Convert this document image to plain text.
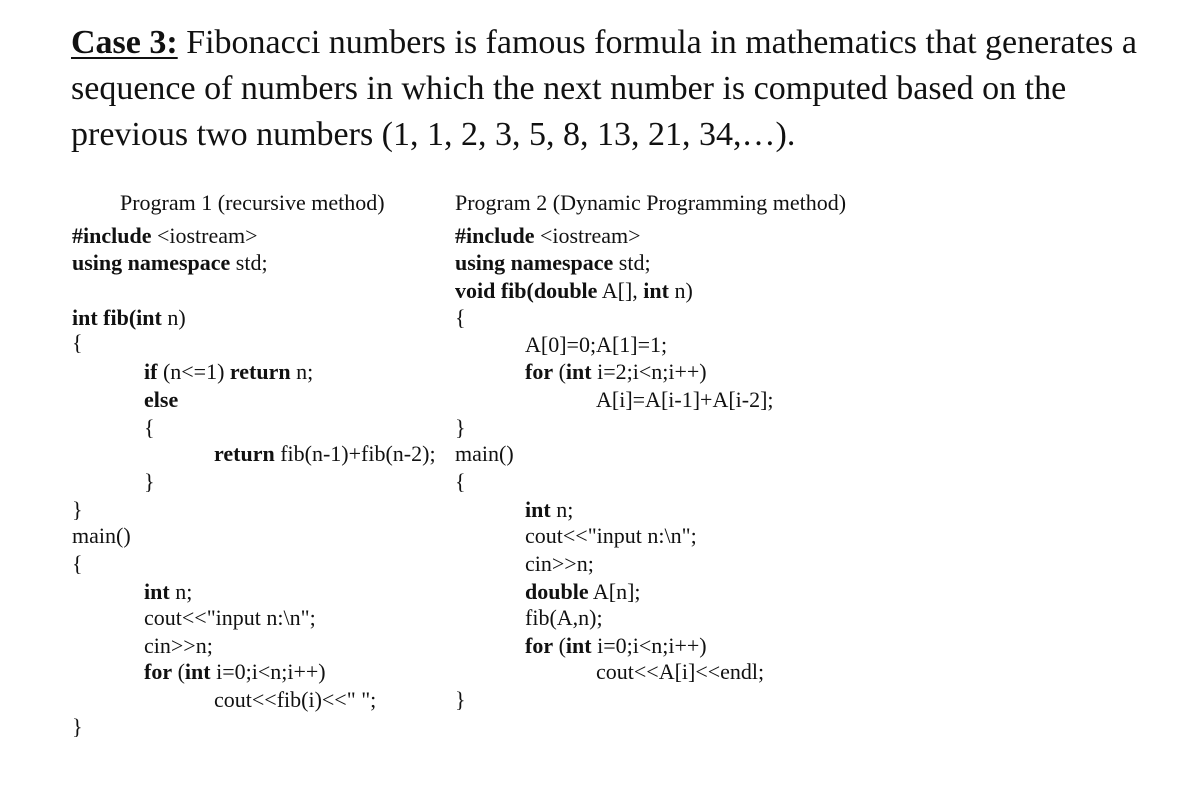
Case 3: Fibonacci numbers is famous formula in mathematics that generates a sequence of numbers in which the next number is computed based on the previous two numbers (1, 1, 2, 3, 5, 8, 13, 21, 34,…).
Program 1 (recursive method)
#include <iostream>
using namespace std;
int fib(int n)
{
if (n<=1) return n;
else
{
return fib(n-1)+fib(n-2);
}
}
main()
{
int n;
cout<<"input n:\n";
cin>>n;
for (int i=0;i<n;i++)
cout<<fib(i)<<" ";
}
Program 2 (Dynamic Programming method)
#include <iostream>
using namespace std;
void fib(double A[], int n)
{
A[0]=0;A[1]=1;
for (int i=2;i<n;i++)
A[i]=A[i-1]+A[i-2];
}
main()
{
int n;
cout<<"input n:\n";
cin>>n;
double A[n];
fib(A,n);
for (int i=0;i<n;i++)
cout<<A[i]<<endl;
}
